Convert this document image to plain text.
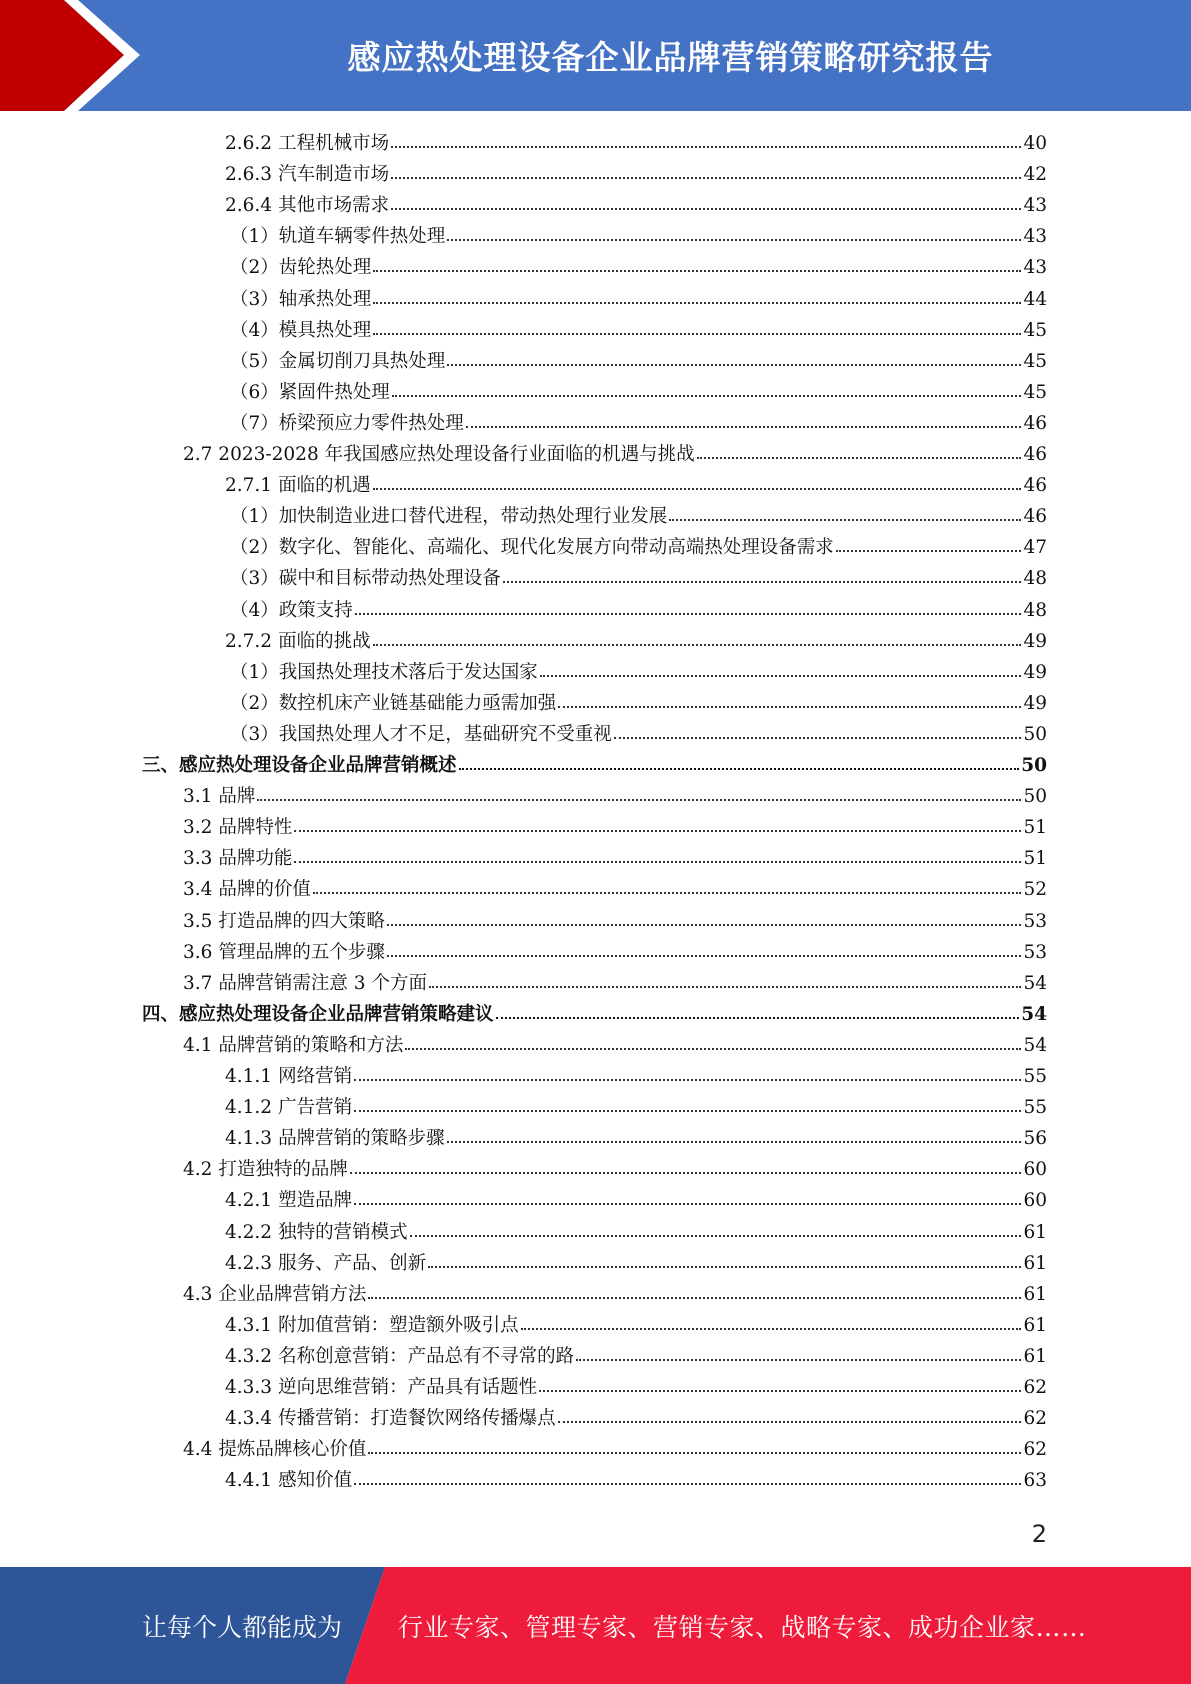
感应热处理设备企业品牌营销策略研究报告
2.6.2 工程机械市场	40
2.6.3 汽车制造市场	42
2.6.4 其他市场需求	43
（1）轨道车辆零件热处理	43
（2）齿轮热处理	43
（3）轴承热处理	44
（4）模具热处理	45
（5）金属切削刀具热处理	45
（6）紧固件热处理	45
（7）桥梁预应力零件热处理	46
2.7 2023-2028 年我国感应热处理设备行业面临的机遇与挑战	46
2.7.1 面临的机遇	46
（1）加快制造业进口替代进程，带动热处理行业发展	46
（2）数字化、智能化、高端化、现代化发展方向带动高端热处理设备需求	47
（3）碳中和目标带动热处理设备	48
（4）政策支持	48
2.7.2 面临的挑战	49
（1）我国热处理技术落后于发达国家	49
（2）数控机床产业链基础能力亟需加强	49
（3）我国热处理人才不足，基础研究不受重视	50
三、感应热处理设备企业品牌营销概述	50
3.1 品牌	50
3.2 品牌特性	51
3.3 品牌功能	51
3.4 品牌的价值	52
3.5 打造品牌的四大策略	53
3.6 管理品牌的五个步骤	53
3.7 品牌营销需注意 3 个方面	54
四、感应热处理设备企业品牌营销策略建议	54
4.1 品牌营销的策略和方法	54
4.1.1 网络营销	55
4.1.2 广告营销	55
4.1.3 品牌营销的策略步骤	56
4.2 打造独特的品牌	60
4.2.1 塑造品牌	60
4.2.2 独特的营销模式	61
4.2.3 服务、产品、创新	61
4.3 企业品牌营销方法	61
4.3.1 附加值营销：塑造额外吸引点	61
4.3.2 名称创意营销：产品总有不寻常的路	61
4.3.3 逆向思维营销：产品具有话题性	62
4.3.4 传播营销：打造餐饮网络传播爆点	62
4.4 提炼品牌核心价值	62
4.4.1 感知价值	63
2
让每个人都能成为 行业专家、管理专家、营销专家、战略专家、成功企业家……
